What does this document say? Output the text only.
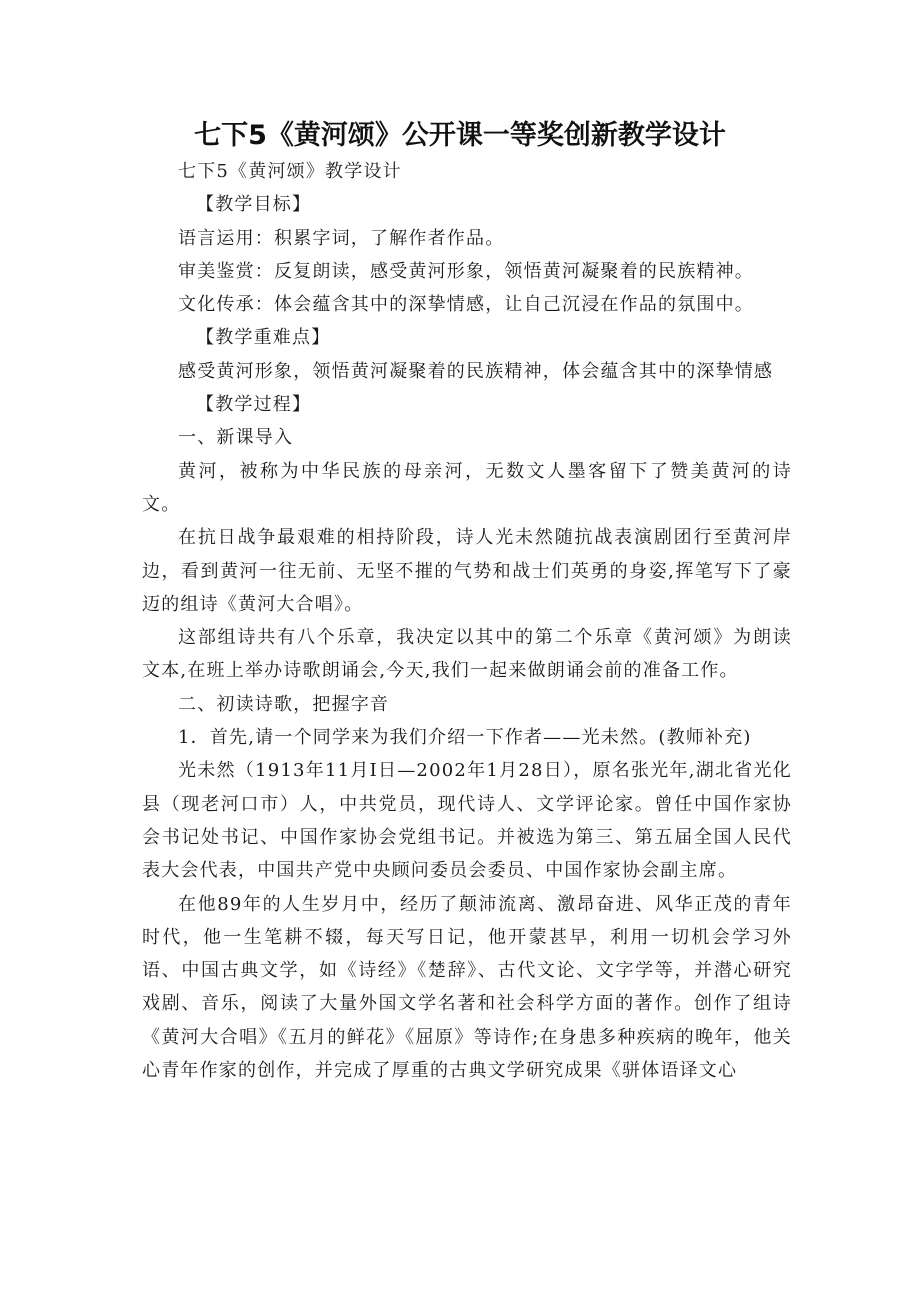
七下5《黄河颂》公开课一等奖创新教学设计

七下5《黄河颂》教学设计

【教学目标】

语言运用：积累字词，了解作者作品。

审美鉴赏：反复朗读，感受黄河形象，领悟黄河凝聚着的民族精神。

文化传承：体会蕴含其中的深挚情感，让自己沉浸在作品的氛围中。

【教学重难点】

感受黄河形象，领悟黄河凝聚着的民族精神，体会蕴含其中的深挚情感

【教学过程】

一、新课导入

黄河，被称为中华民族的母亲河，无数文人墨客留下了赞美黄河的诗文。

在抗日战争最艰难的相持阶段，诗人光未然随抗战表演剧团行至黄河岸边，看到黄河一往无前、无坚不摧的气势和战士们英勇的身姿,挥笔写下了豪迈的组诗《黄河大合唱》。

这部组诗共有八个乐章，我决定以其中的第二个乐章《黄河颂》为朗读文本,在班上举办诗歌朗诵会,今天,我们一起来做朗诵会前的准备工作。

二、初读诗歌，把握字音

1．首先,请一个同学来为我们介绍一下作者——光未然。(教师补充)

光未然（1913年11月I日—2002年1月28日），原名张光年,湖北省光化县（现老河口市）人，中共党员，现代诗人、文学评论家。曾任中国作家协会书记处书记、中国作家协会党组书记。并被选为第三、第五届全国人民代表大会代表，中国共产党中央顾问委员会委员、中国作家协会副主席。

在他89年的人生岁月中，经历了颠沛流离、激昂奋进、风华正茂的青年时代，他一生笔耕不辍，每天写日记，他开蒙甚早，利用一切机会学习外语、中国古典文学，如《诗经》《楚辞》、古代文论、文字学等，并潜心研究戏剧、音乐，阅读了大量外国文学名著和社会科学方面的著作。创作了组诗《黄河大合唱》《五月的鲜花》《屈原》等诗作;在身患多种疾病的晚年，他关心青年作家的创作，并完成了厚重的古典文学研究成果《骈体语译文心
